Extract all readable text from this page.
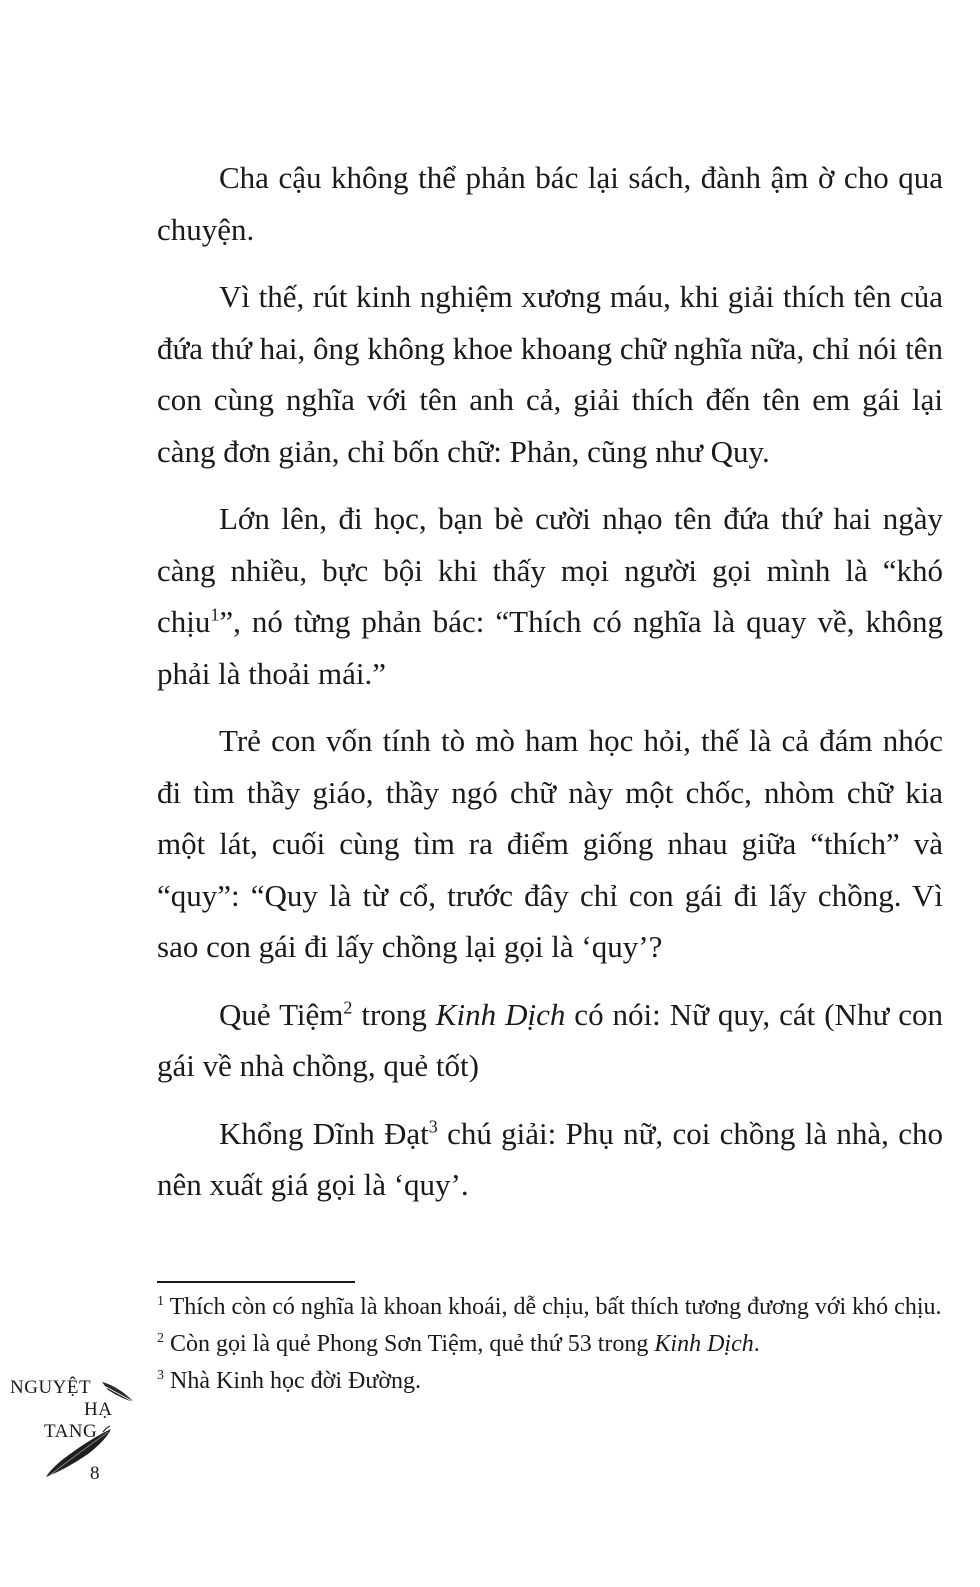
Cha cậu không thể phản bác lại sách, đành ậm ờ cho qua chuyện.

Vì thế, rút kinh nghiệm xương máu, khi giải thích tên của đứa thứ hai, ông không khoe khoang chữ nghĩa nữa, chỉ nói tên con cùng nghĩa với tên anh cả, giải thích đến tên em gái lại càng đơn giản, chỉ bốn chữ: Phản, cũng như Quy.

Lớn lên, đi học, bạn bè cười nhạo tên đứa thứ hai ngày càng nhiều, bực bội khi thấy mọi người gọi mình là “khó chịu$^1$”, nó từng phản bác: “Thích có nghĩa là quay về, không phải là thoải mái.”

Trẻ con vốn tính tò mò ham học hỏi, thế là cả đám nhóc đi tìm thầy giáo, thầy ngó chữ này một chốc, nhòm chữ kia một lát, cuối cùng tìm ra điểm giống nhau giữa “thích” và “quy”: “Quy là từ cổ, trước đây chỉ con gái đi lấy chồng. Vì sao con gái đi lấy chồng lại gọi là ‘quy’?

Quẻ Tiệm$^2$ trong Kinh Dịch có nói: Nữ quy, cát (Như con gái về nhà chồng, quẻ tốt)

Khổng Dĩnh Đạt$^3$ chú giải: Phụ nữ, coi chồng là nhà, cho nên xuất giá gọi là ‘quy’.

$^1$ Thích còn có nghĩa là khoan khoái, dễ chịu, bất thích tương đương với khó chịu.

$^2$ Còn gọi là quẻ Phong Sơn Tiệm, quẻ thứ 53 trong Kinh Dịch.

$^3$ Nhà Kinh học đời Đường.

NGUYỆT
HẠ
TANG
8
